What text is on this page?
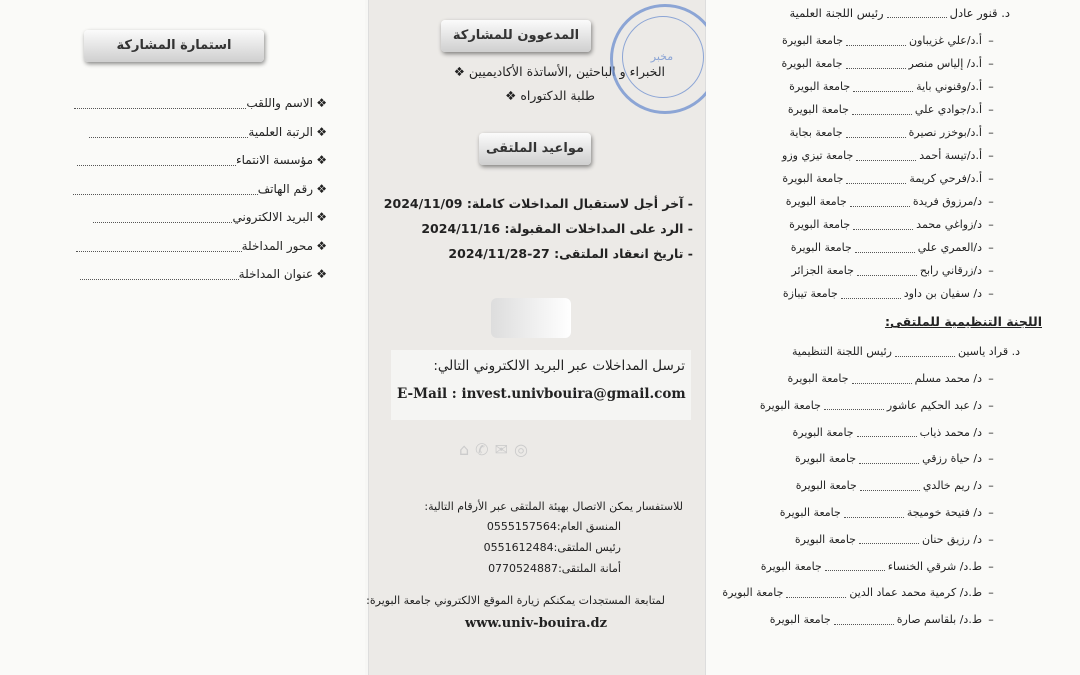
استمارة المشاركة
❖الاسم واللقب
❖الرتبة العلمية
❖مؤسسة الانتماء
❖رقم الهاتف
❖البريد الالكتروني
❖محور المداخلة
❖عنوان المداخلة
المدعوون للمشاركة
الخبراء و الباحثين ,الأساتذة الأكاديميين ❖
طلبة الدكتوراه ❖
مواعيد الملتقى
- آخر أجل لاستقبال المداخلات كاملة: 2024/11/09
- الرد على المداخلات المقبولة: 2024/11/16
- تاريخ انعقاد الملتقى: 27-2024/11/28
ترسل المداخلات عبر البريد الالكتروني التالي:
E-Mail : invest.univbouira@gmail.com
⌂✆✉◎
للاستفسار يمكن الاتصال بهيئة الملتقى عبر الأرقام التالية:
المنسق العام:0555157564
رئيس الملتقى:0551612484
أمانة الملتقى:0770524887
لمتابعة المستجدات يمكنكم زيارة الموقع الالكتروني جامعة البويرة:
www.univ-bouira.dz
مخبر
د. قنور عادلرئيس اللجنة العلمية
–أ.د/علي غزيباونجامعة البويرة
–أ.د/ إلياس منصرجامعة البويرة
–أ.د/وقنوني بايةجامعة البويرة
–أ.د/جوادي عليجامعة البويرة
–أ.د/بوخزر نصيرةجامعة بجاية
–أ.د/تيسة أحمدجامعة تيزي وزو
–أ.د/فرحي كريمةجامعة البويرة
–د/مرزوق فريدةجامعة البويرة
–د/زواغي محمدجامعة البويرة
–د/العمري عليجامعة البويرة
–د/زرقاني رابحجامعة الجزائر
–د/ سفيان بن داودجامعة تيبازة
اللجنة التنظيمية للملتقى:
د. قراد ياسينرئيس اللجنة التنظيمية
–د/ محمد مسلمجامعة البويرة
–د/ عبد الحكيم عاشورجامعة البويرة
–د/ محمد ذيابجامعة البويرة
–د/ حياة رزقيجامعة البويرة
–د/ ريم خالديجامعة البويرة
–د/ فتيحة خوميجةجامعة البويرة
–د/ رزيق حنانجامعة البويرة
–ط.د/ شرقي الخنساءجامعة البويرة
–ط.د/ كرمية محمد عماد الدينجامعة البويرة
–ط.د/ بلقاسم صارةجامعة البويرة
